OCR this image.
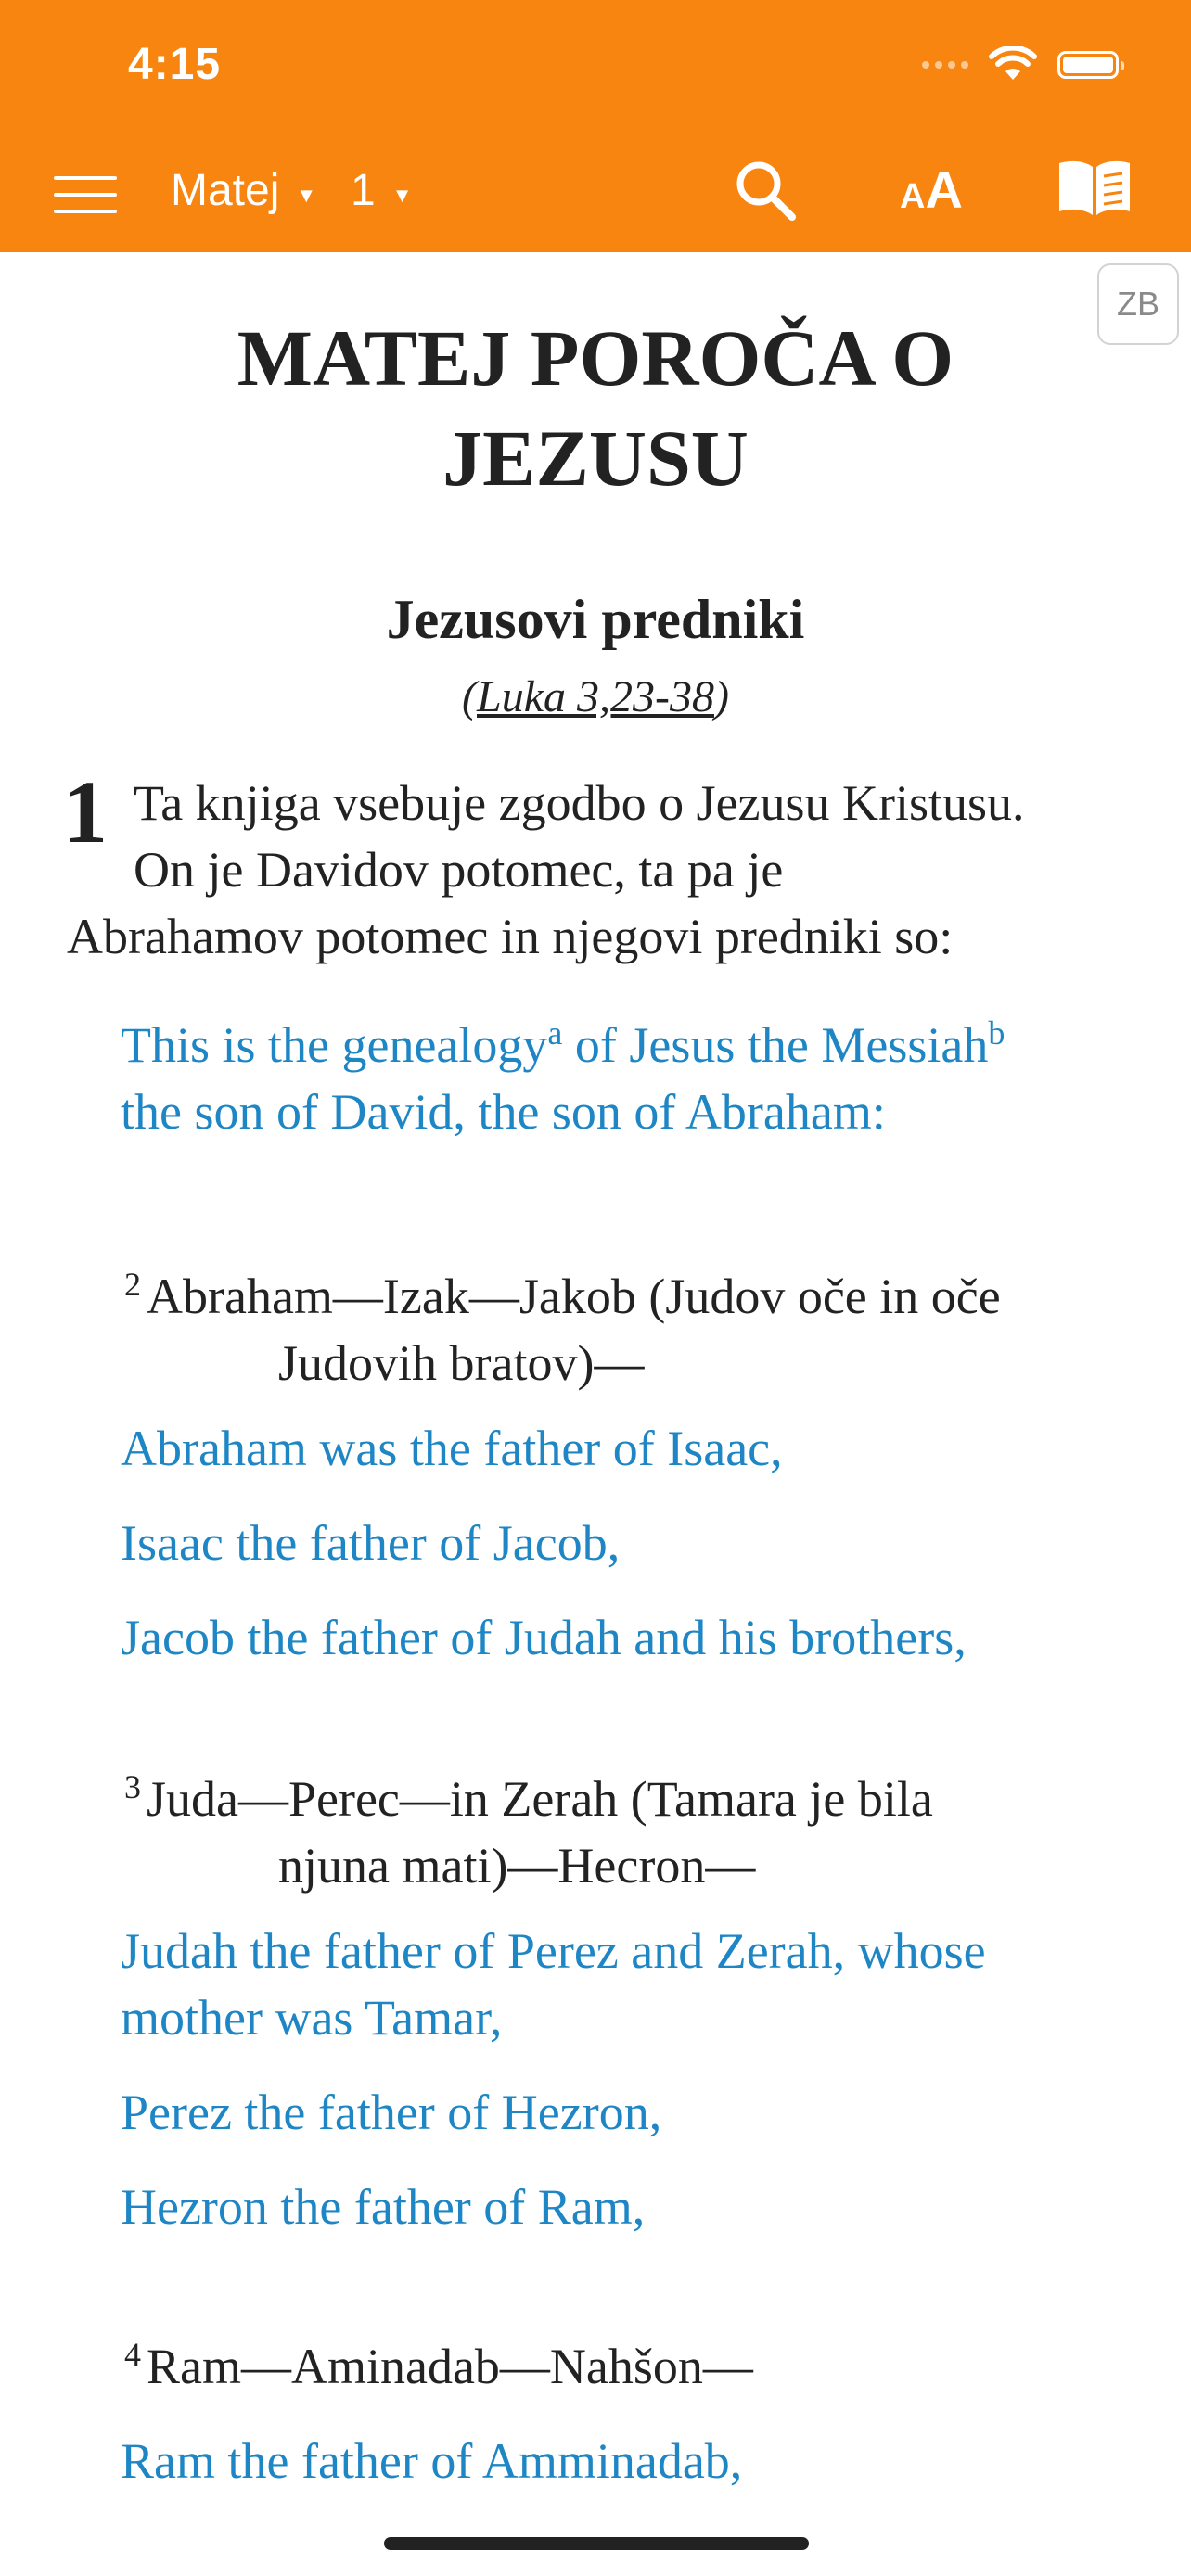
4:15
Matej ▼ 1 ▼	AA
ZB
MATEJ POROČA O JEZUSU
Jezusovi predniki
(Luka 3,23-38)
1 Ta knjiga vsebuje zgodbo o Jezusu Kristusu.
On je Davidov potomec, ta pa je
Abrahamov potomec in njegovi predniki so:
This is the genealogy$^a$ of Jesus the Messiah$^b$
the son of David, the son of Abraham:
$^2$ Abraham—Izak—Jakob (Judov oče in oče
Judovih bratov)—
Abraham was the father of Isaac,
Isaac the father of Jacob,
Jacob the father of Judah and his brothers,
$^3$ Juda—Perec—in Zerah (Tamara je bila
njuna mati)—Hecron—
Judah the father of Perez and Zerah, whose
mother was Tamar,
Perez the father of Hezron,
Hezron the father of Ram,
$^4$ Ram—Aminadab—Nahšon—
Ram the father of Amminadab,
